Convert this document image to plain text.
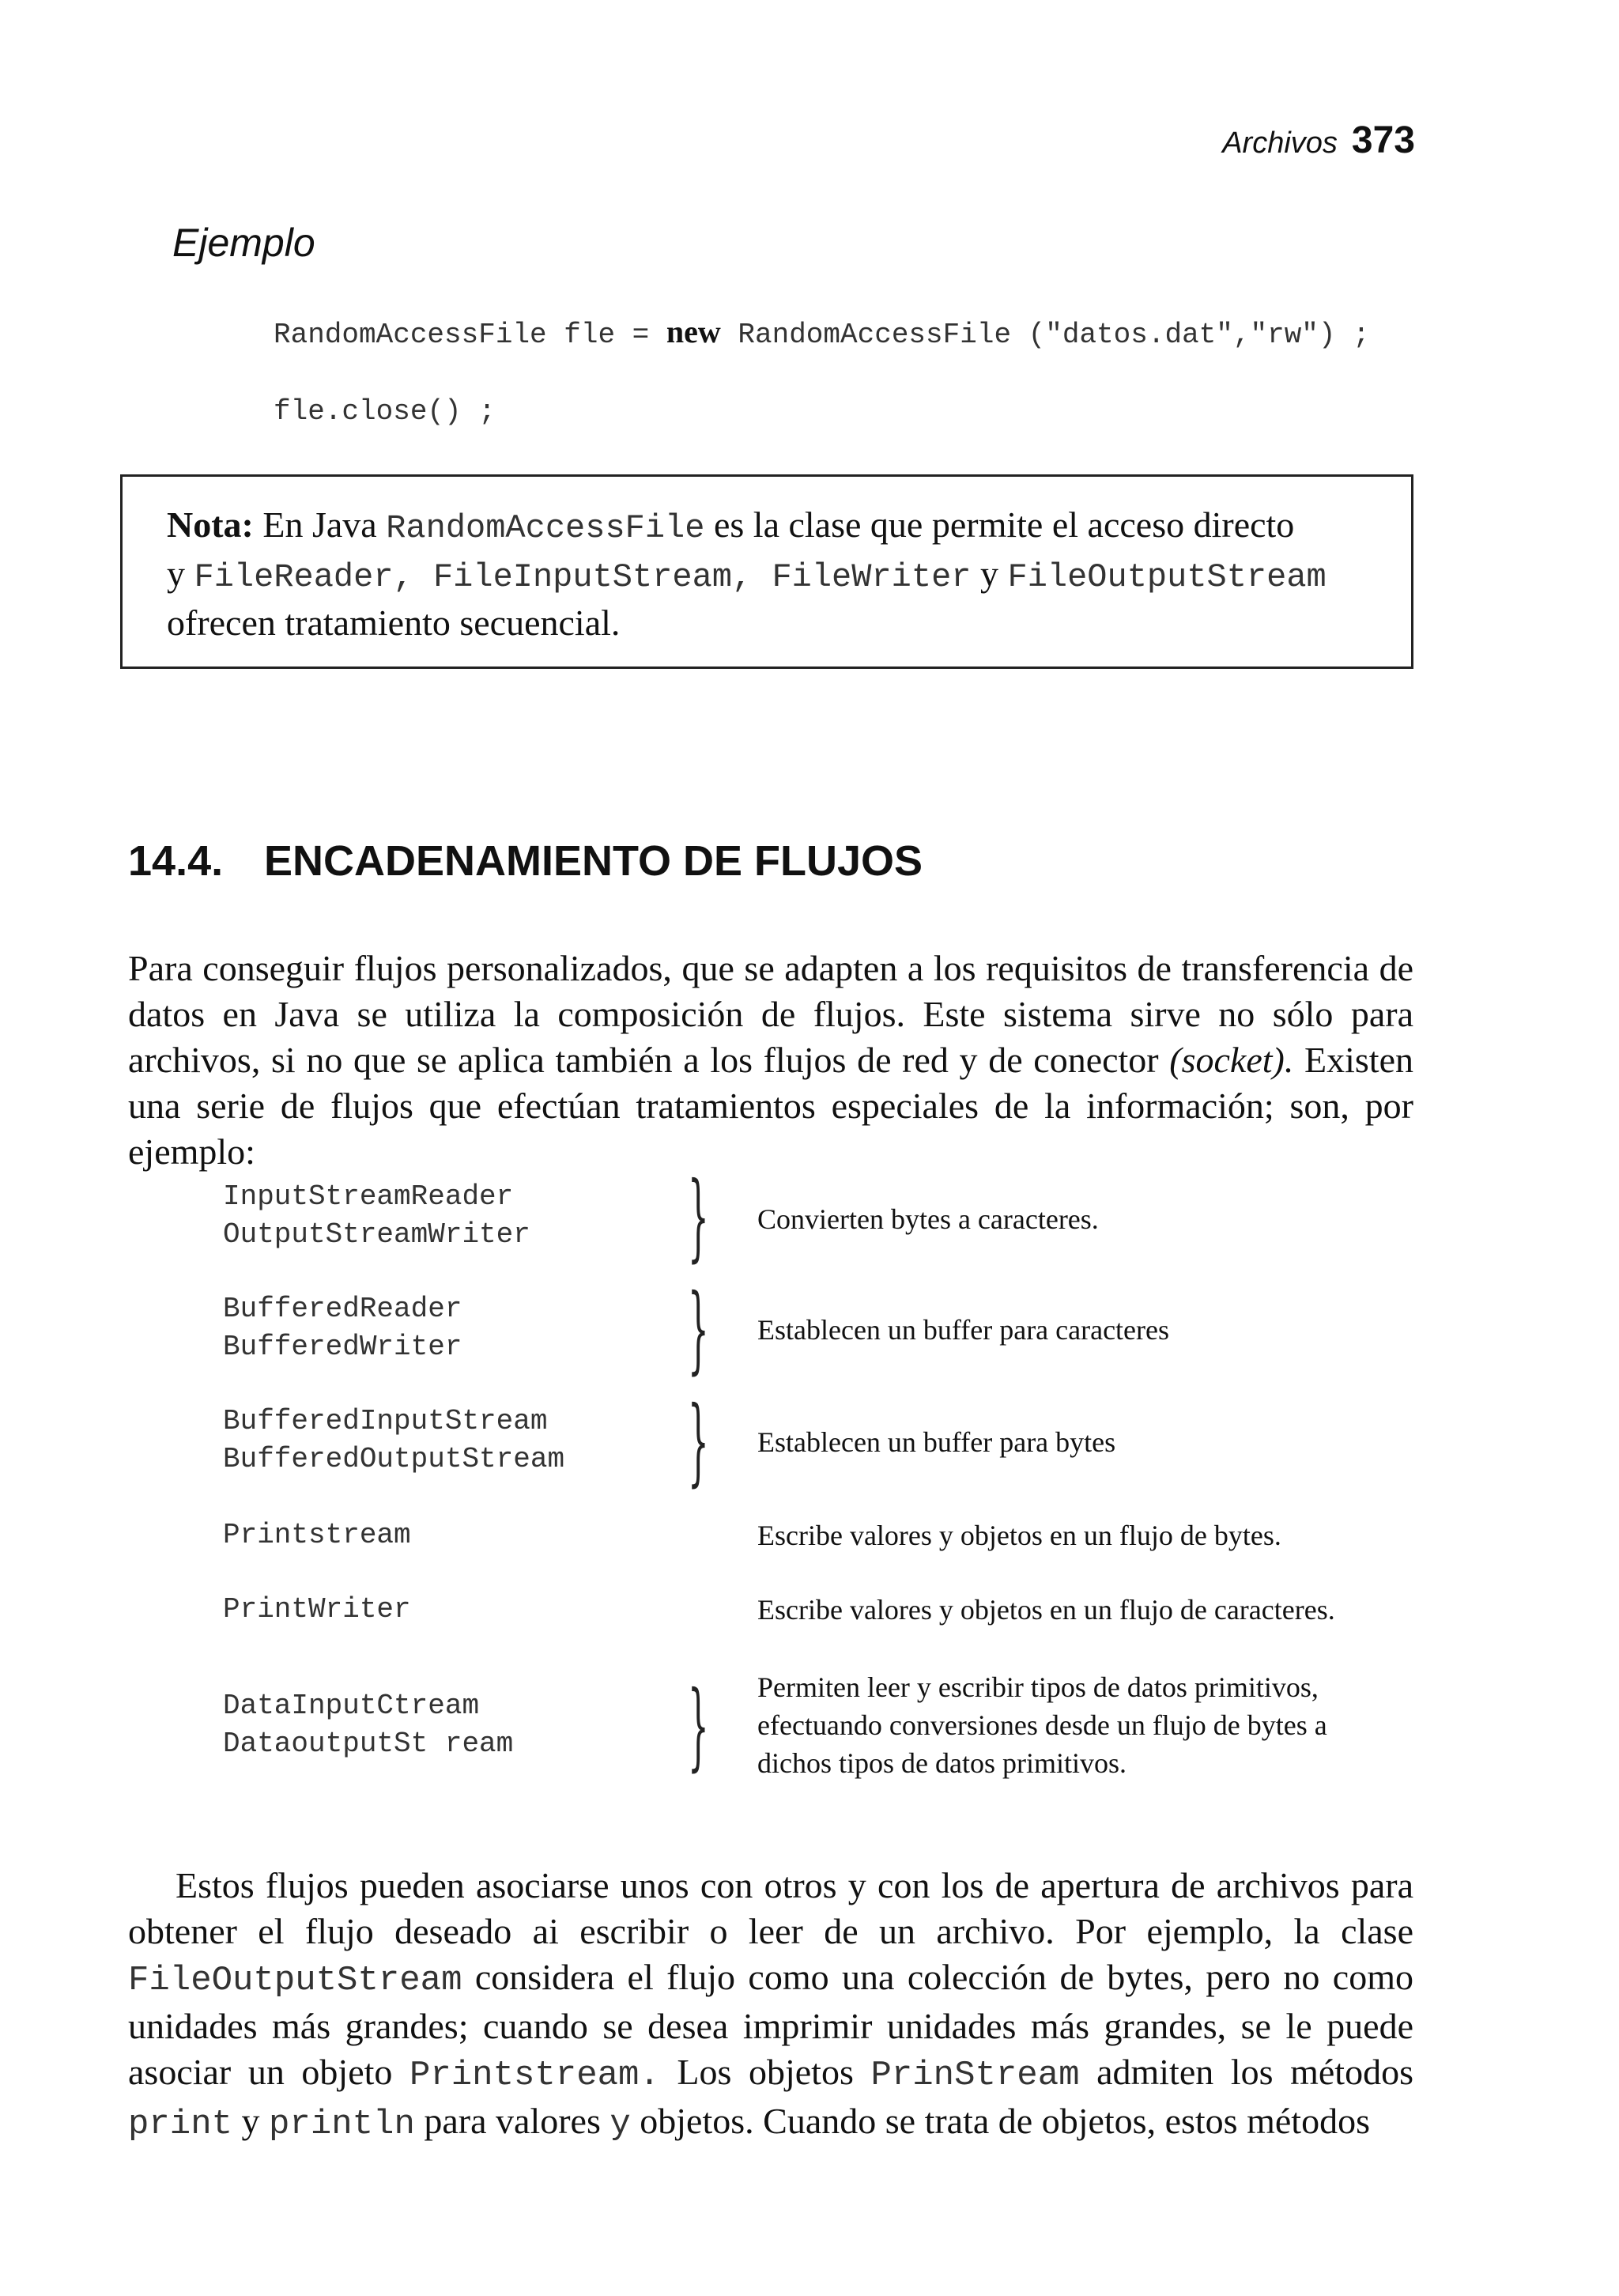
Archivos 373
Ejemplo
RandomAccessFile fle = new RandomAccessFile ("datos.dat","rw") ;
fle.close() ;
Nota: En Java RandomAccessFile es la clase que permite el acceso directo
y FileReader, FileInputStream, FileWriter y FileOutputStream
ofrecen tratamiento secuencial.
14.4. ENCADENAMIENTO DE FLUJOS
Para conseguir flujos personalizados, que se adapten a los requisitos de transferencia de datos en Java se utiliza la composición de flujos. Este sistema sirve no sólo para archivos, si no que se aplica también a los flujos de red y de conector (socket). Existen una serie de flujos que efectúan tratamientos especiales de la información; son, por ejemplo:
InputStreamReader
OutputStreamWriter } Convierten bytes a caracteres.
BufferedReader
BufferedWriter } Establecen un buffer para caracteres
BufferedInputStream
BufferedOutputStream } Establecen un buffer para bytes
Printstream	Escribe valores y objetos en un flujo de bytes.
PrintWriter	Escribe valores y objetos en un flujo de caracteres.
DataInputCtream
DataoutputSt ream } Permiten leer y escribir tipos de datos primitivos,
efectuando conversiones desde un flujo de bytes a
dichos tipos de datos primitivos.
Estos flujos pueden asociarse unos con otros y con los de apertura de archivos para obtener el flujo deseado ai escribir o leer de un archivo. Por ejemplo, la clase FileOutputStream considera el flujo como una colección de bytes, pero no como unidades más grandes; cuando se desea imprimir unidades más grandes, se le puede asociar un objeto Printstream. Los objetos PrinStream admiten los métodos print y println para valores y objetos. Cuando se trata de objetos, estos métodos
